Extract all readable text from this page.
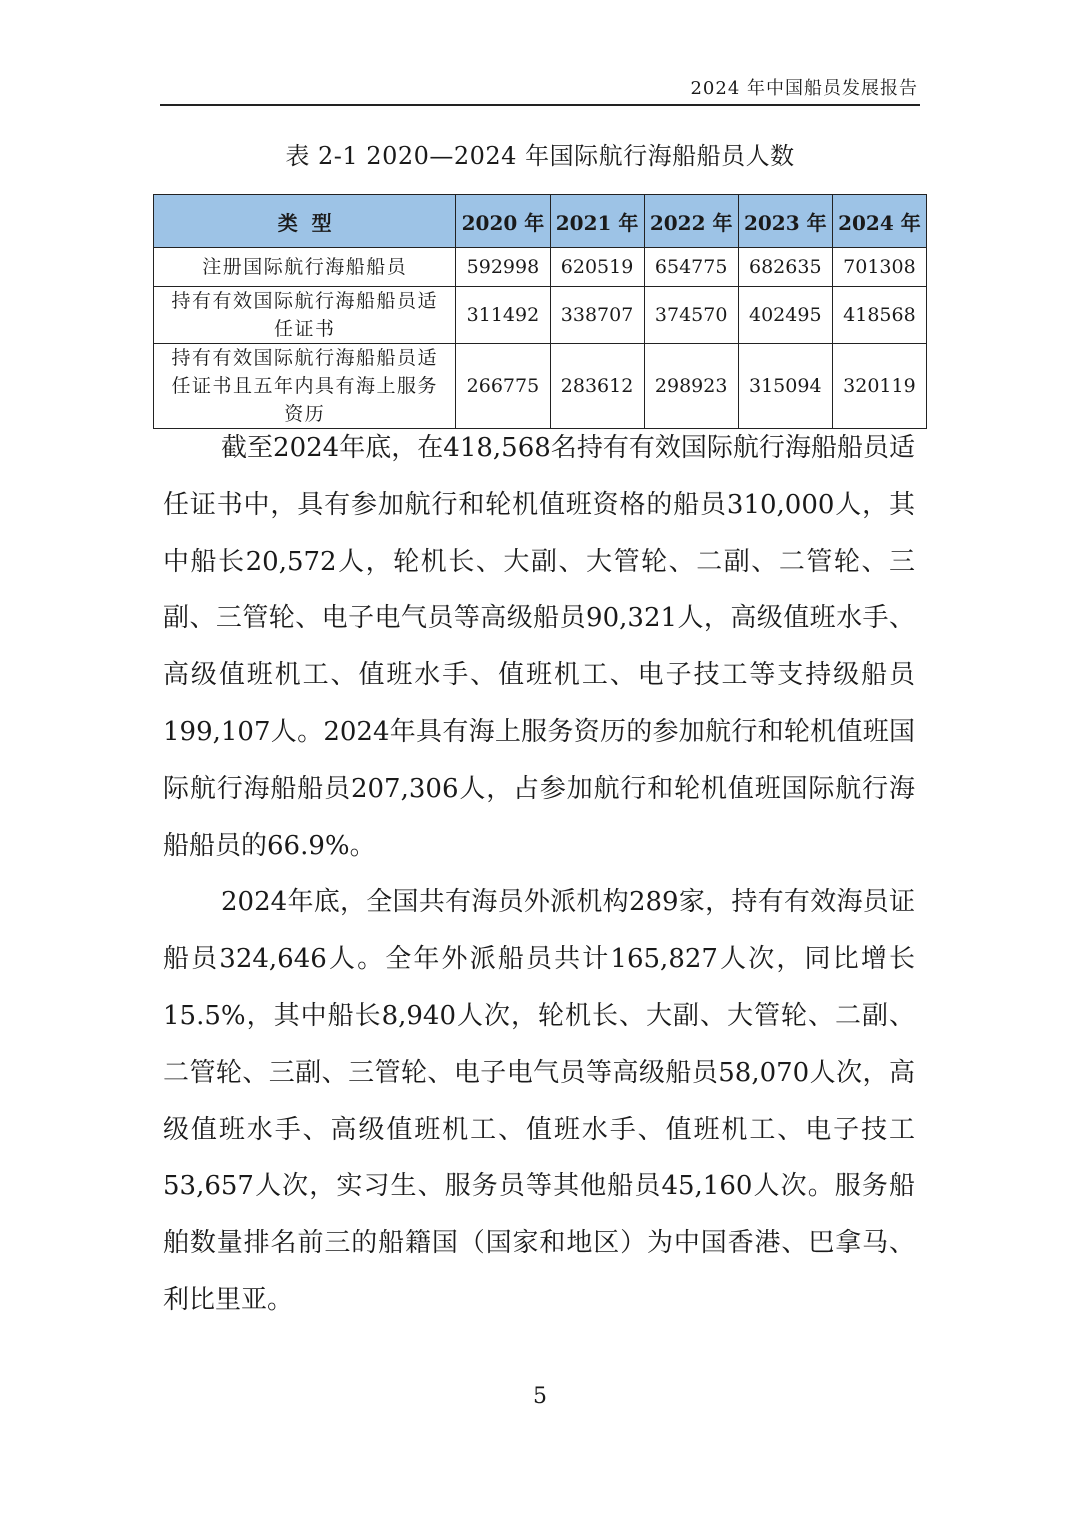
2024 年中国船员发展报告
表 2-1 2020—2024 年国际航行海船船员人数
类  型	2020 年	2021 年	2022 年	2023 年	2024 年
注册国际航行海船船员	592998	620519	654775	682635	701308
持有有效国际航行海船船员适任证书	311492	338707	374570	402495	418568
持有有效国际航行海船船员适任证书且五年内具有海上服务资历	266775	283612	298923	315094	320119

截至2024年底，在418,568名持有有效国际航行海船船员适任证书中，具有参加航行和轮机值班资格的船员310,000人，其中船长20,572人，轮机长、大副、大管轮、二副、二管轮、三副、三管轮、电子电气员等高级船员90,321人，高级值班水手、高级值班机工、值班水手、值班机工、电子技工等支持级船员199,107人。2024年具有海上服务资历的参加航行和轮机值班国际航行海船船员207,306人，占参加航行和轮机值班国际航行海船船员的66.9%。

2024年底，全国共有海员外派机构289家，持有有效海员证船员324,646人。全年外派船员共计165,827人次，同比增长15.5%，其中船长8,940人次，轮机长、大副、大管轮、二副、二管轮、三副、三管轮、电子电气员等高级船员58,070人次，高级值班水手、高级值班机工、值班水手、值班机工、电子技工53,657人次，实习生、服务员等其他船员45,160人次。服务船舶数量排名前三的船籍国（国家和地区）为中国香港、巴拿马、利比里亚。

5
